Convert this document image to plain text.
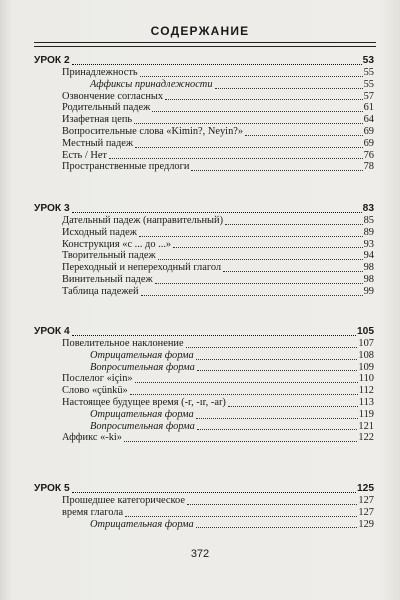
СОДЕРЖАНИЕ
УРОК 2	53
Принадлежность	55
Аффиксы принадлежности	55
Озвончение согласных	57
Родительный падеж	61
Изафетная цепь	64
Вопросительные слова «Kimin?, Neyin?»	69
Местный падеж	69
Есть / Нет	76
Пространственные предлоги	78
УРОК 3	83
Дательный падеж (направительный)	85
Исходный падеж	89
Конструкция «с ... до ...»	93
Творительный падеж	94
Переходный и непереходный глагол	98
Винительный падеж	98
Таблица падежей	99
УРОК 4	105
Повелительное наклонение	107
Отрицательная форма	108
Вопросительная форма	109
Послелог «için»	110
Слово «çünkü»	112
Настоящее будущее время (-r, -ır, -ar)	113
Отрицательная форма	119
Вопросительная форма	121
Аффикс «-ki»	122
УРОК 5	125
Прошедшее категорическое	127
время глагола	127
Отрицательная форма	129
372
